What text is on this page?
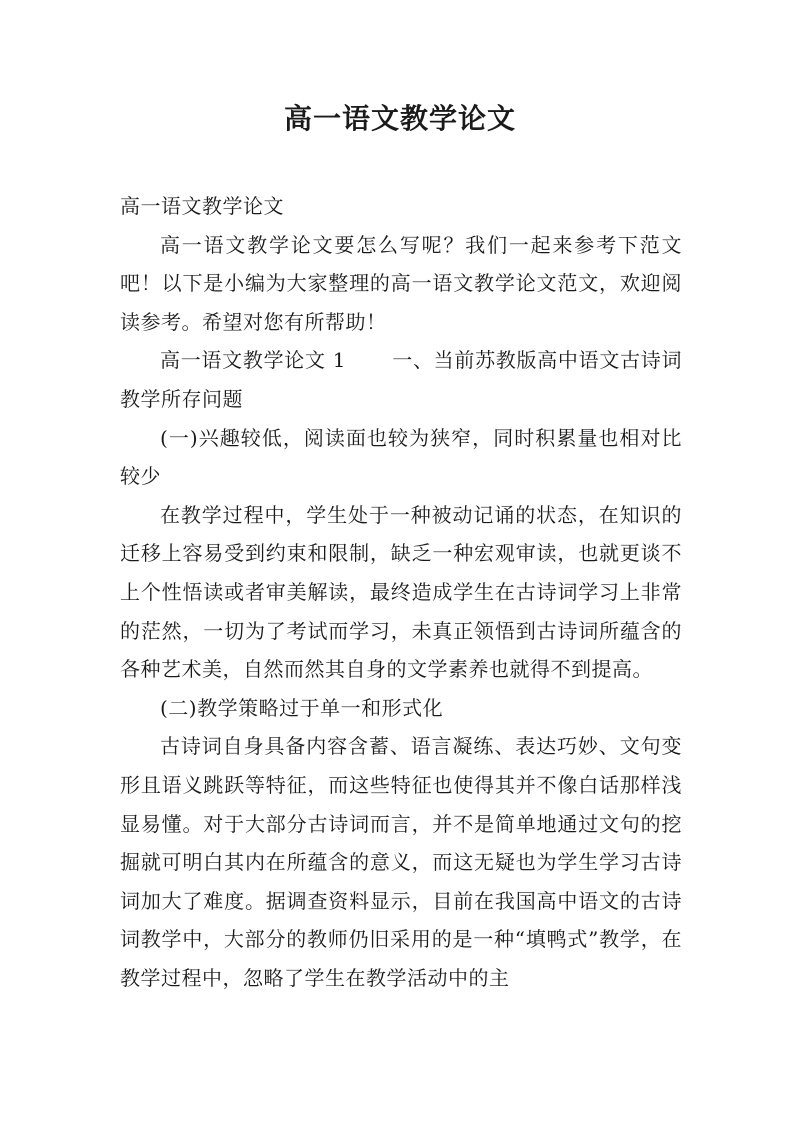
高一语文教学论文

高一语文教学论文

高一语文教学论文要怎么写呢？我们一起来参考下范文吧！以下是小编为大家整理的高一语文教学论文范文，欢迎阅读参考。希望对您有所帮助！

高一语文教学论文 1 一、当前苏教版高中语文古诗词教学所存问题

(一)兴趣较低，阅读面也较为狭窄，同时积累量也相对比较少

在教学过程中，学生处于一种被动记诵的状态，在知识的迁移上容易受到约束和限制，缺乏一种宏观审读，也就更谈不上个性悟读或者审美解读，最终造成学生在古诗词学习上非常的茫然，一切为了考试而学习，未真正领悟到古诗词所蕴含的各种艺术美，自然而然其自身的文学素养也就得不到提高。

(二)教学策略过于单一和形式化

古诗词自身具备内容含蓄、语言凝练、表达巧妙、文句变形且语义跳跃等特征，而这些特征也使得其并不像白话那样浅显易懂。对于大部分古诗词而言，并不是简单地通过文句的挖掘就可明白其内在所蕴含的意义，而这无疑也为学生学习古诗词加大了难度。据调查资料显示，目前在我国高中语文的古诗词教学中，大部分的教师仍旧采用的是一种“填鸭式”教学，在教学过程中，忽略了学生在教学活动中的主
